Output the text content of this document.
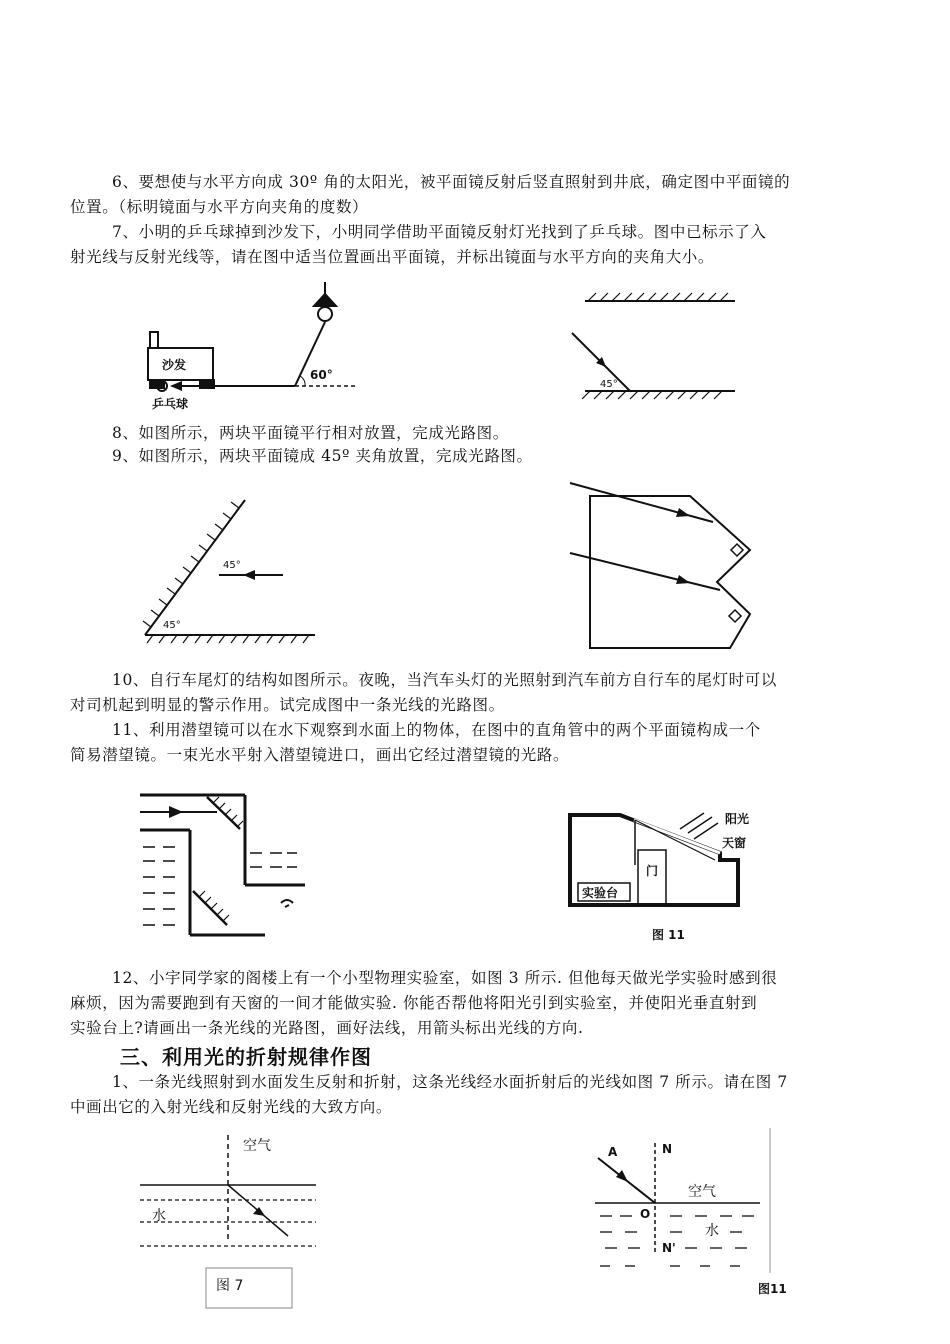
6、要想使与水平方向成 30º 角的太阳光，被平面镜反射后竖直照射到井底，确定图中平面镜的
位置。（标明镜面与水平方向夹角的度数）
7、小明的乒乓球掉到沙发下，小明同学借助平面镜反射灯光找到了乒乓球。图中已标示了入
射光线与反射光线等，请在图中适当位置画出平面镜，并标出镜面与水平方向的夹角大小。
沙发
60°
乒乓球
45°
8、如图所示，两块平面镜平行相对放置，完成光路图。
9、如图所示，两块平面镜成 45º 夹角放置，完成光路图。
45°
45°
10、自行车尾灯的结构如图所示。夜晚，当汽车头灯的光照射到汽车前方自行车的尾灯时可以
对司机起到明显的警示作用。试完成图中一条光线的光路图。
11、利用潜望镜可以在水下观察到水面上的物体，在图中的直角管中的两个平面镜构成一个
简易潜望镜。一束光水平射入潜望镜进口，画出它经过潜望镜的光路。
门
实验台
阳光
天窗
图 11
12、小宇同学家的阁楼上有一个小型物理实验室，如图 3 所示. 但他每天做光学实验时感到很
麻烦，因为需要跑到有天窗的一间才能做实验. 你能否帮他将阳光引到实验室，并使阳光垂直射到
实验台上?请画出一条光线的光路图，画好法线，用箭头标出光线的方向.
三、利用光的折射规律作图
1、一条光线照射到水面发生反射和折射，这条光线经水面折射后的光线如图 7 所示。请在图 7
中画出它的入射光线和反射光线的大致方向。
空气
水
图 7
N
A
空气
O
水
N'
图11
